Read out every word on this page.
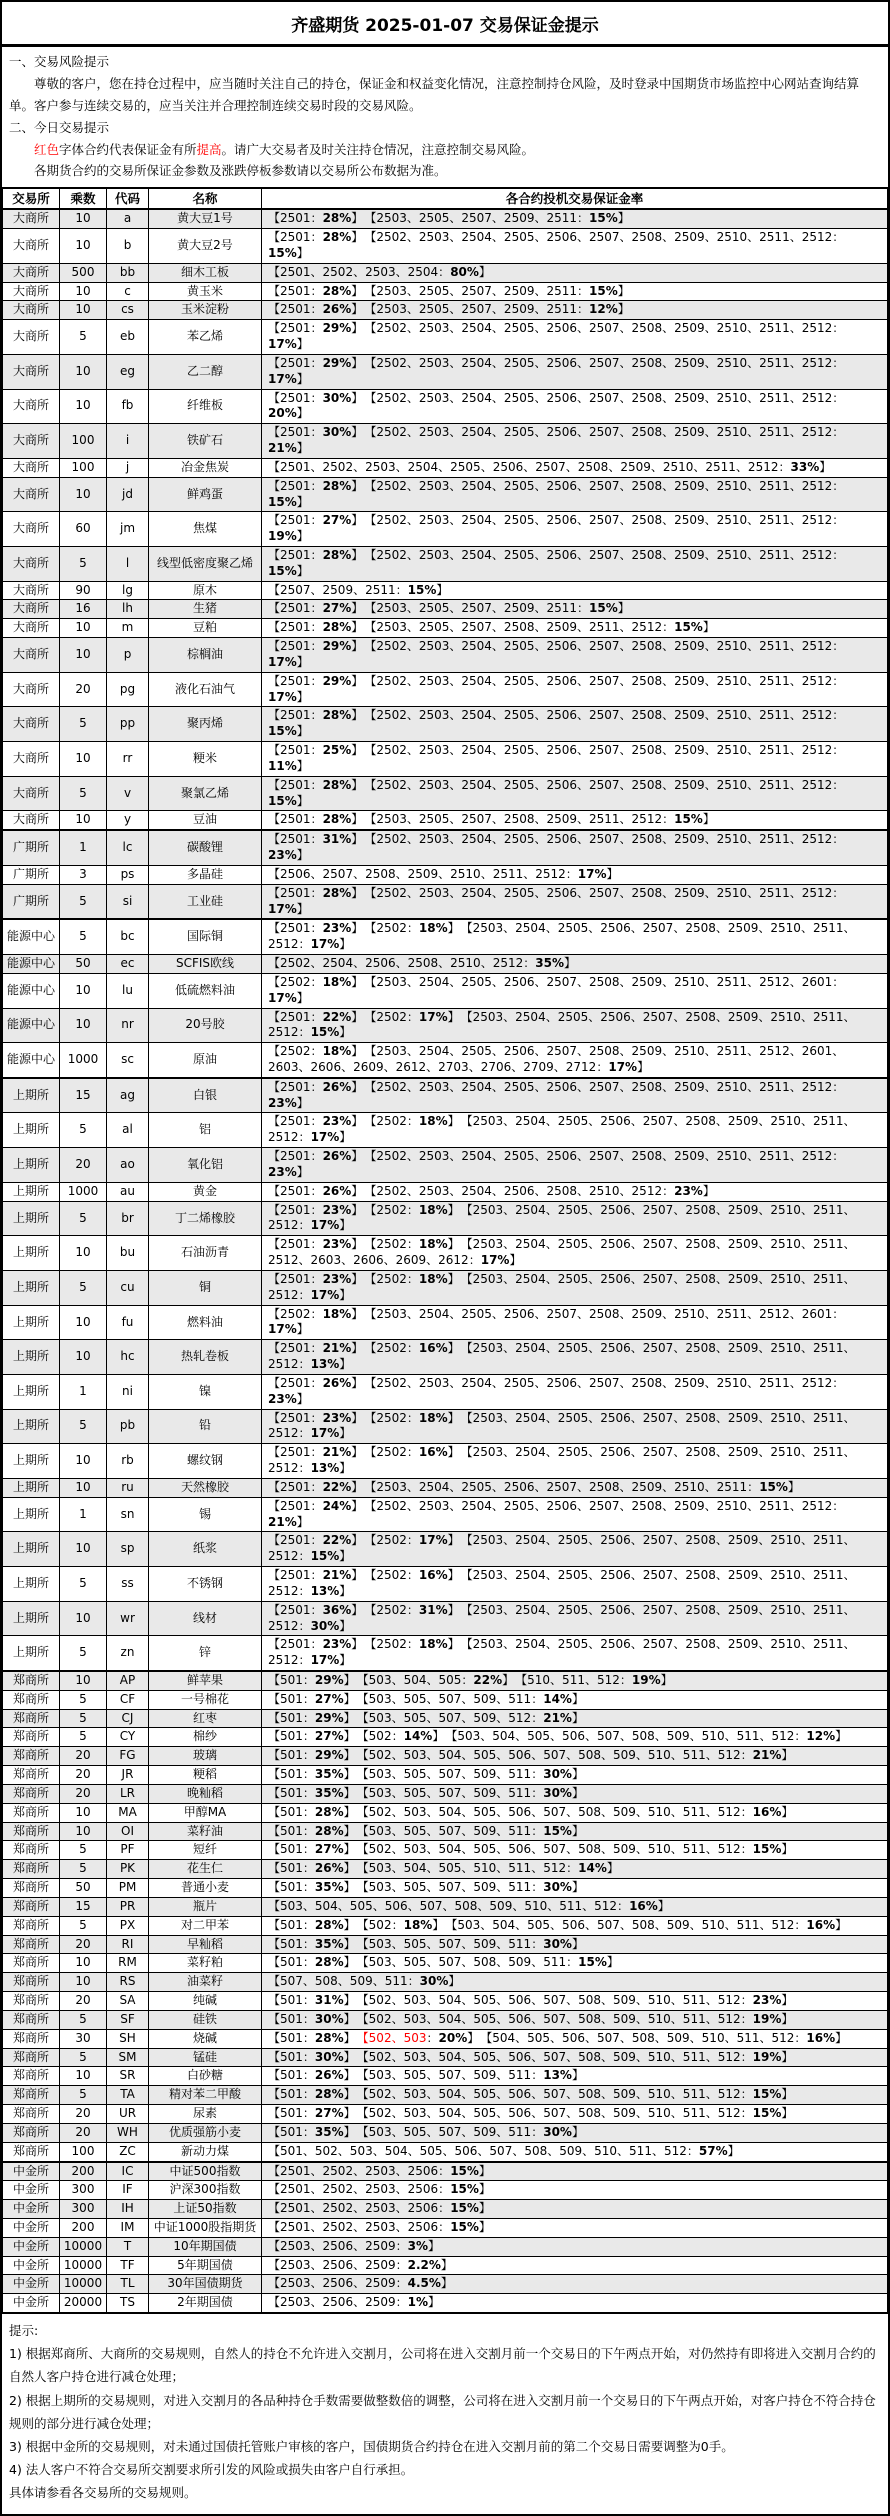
齐盛期货 2025-01-07 交易保证金提示

一、交易风险提示

尊敬的客户，您在持仓过程中，应当随时关注自己的持仓，保证金和权益变化情况，注意控制持仓风险，及时登录中国期货市场监控中心网站查询结算单。客户参与连续交易的，应当关注并合理控制连续交易时段的交易风险。

二、今日交易提示

红色字体合约代表保证金有所提高。请广大交易者及时关注持仓情况，注意控制交易风险。

各期货合约的交易所保证金参数及涨跌停板参数请以交易所公布数据为准。

交易所	乘数	代码	名称	各合约投机交易保证金率
大商所	10	a	黄大豆1号	【2501：28%】 【2503、2505、2507、2509、2511：15%】
大商所	10	b	黄大豆2号	【2501：28%】 【2502、2503、2504、2505、2506、2507、2508、2509、2510、2511、2512：15%】
大商所	500	bb	细木工板	【2501、2502、2503、2504：80%】
大商所	10	c	黄玉米	【2501：28%】 【2503、2505、2507、2509、2511：15%】
大商所	10	cs	玉米淀粉	【2501：26%】 【2503、2505、2507、2509、2511：12%】
大商所	5	eb	苯乙烯	【2501：29%】 【2502、2503、2504、2505、2506、2507、2508、2509、2510、2511、2512：17%】
大商所	10	eg	乙二醇	【2501：29%】 【2502、2503、2504、2505、2506、2507、2508、2509、2510、2511、2512：17%】
大商所	10	fb	纤维板	【2501：30%】 【2502、2503、2504、2505、2506、2507、2508、2509、2510、2511、2512：20%】
大商所	100	i	铁矿石	【2501：30%】 【2502、2503、2504、2505、2506、2507、2508、2509、2510、2511、2512：21%】
大商所	100	j	冶金焦炭	【2501、2502、2503、2504、2505、2506、2507、2508、2509、2510、2511、2512：33%】
大商所	10	jd	鲜鸡蛋	【2501：28%】 【2502、2503、2504、2505、2506、2507、2508、2509、2510、2511、2512：15%】
大商所	60	jm	焦煤	【2501：27%】 【2502、2503、2504、2505、2506、2507、2508、2509、2510、2511、2512：19%】
大商所	5	l	线型低密度聚乙烯	【2501：28%】 【2502、2503、2504、2505、2506、2507、2508、2509、2510、2511、2512：15%】
大商所	90	lg	原木	【2507、2509、2511：15%】
大商所	16	lh	生猪	【2501：27%】 【2503、2505、2507、2509、2511：15%】
大商所	10	m	豆粕	【2501：28%】 【2503、2505、2507、2508、2509、2511、2512：15%】
大商所	10	p	棕榈油	【2501：29%】 【2502、2503、2504、2505、2506、2507、2508、2509、2510、2511、2512：17%】
大商所	20	pg	液化石油气	【2501：29%】 【2502、2503、2504、2505、2506、2507、2508、2509、2510、2511、2512：17%】
大商所	5	pp	聚丙烯	【2501：28%】 【2502、2503、2504、2505、2506、2507、2508、2509、2510、2511、2512：15%】
大商所	10	rr	粳米	【2501：25%】 【2502、2503、2504、2505、2506、2507、2508、2509、2510、2511、2512：11%】
大商所	5	v	聚氯乙烯	【2501：28%】 【2502、2503、2504、2505、2506、2507、2508、2509、2510、2511、2512：15%】
大商所	10	y	豆油	【2501：28%】 【2503、2505、2507、2508、2509、2511、2512：15%】
广期所	1	lc	碳酸锂	【2501：31%】 【2502、2503、2504、2505、2506、2507、2508、2509、2510、2511、2512：23%】
广期所	3	ps	多晶硅	【2506、2507、2508、2509、2510、2511、2512：17%】
广期所	5	si	工业硅	【2501：28%】 【2502、2503、2504、2505、2506、2507、2508、2509、2510、2511、2512：17%】
能源中心	5	bc	国际铜	【2501：23%】 【2502：18%】 【2503、2504、2505、2506、2507、2508、2509、2510、2511、2512：17%】
能源中心	50	ec	SCFIS欧线	【2502、2504、2506、2508、2510、2512：35%】
能源中心	10	lu	低硫燃料油	【2502：18%】 【2503、2504、2505、2506、2507、2508、2509、2510、2511、2512、2601：17%】
能源中心	10	nr	20号胶	【2501：22%】 【2502：17%】 【2503、2504、2505、2506、2507、2508、2509、2510、2511、2512：15%】
能源中心	1000	sc	原油	【2502：18%】 【2503、2504、2505、2506、2507、2508、2509、2510、2511、2512、2601、2603、2606、2609、2612、2703、2706、2709、2712：17%】
上期所	15	ag	白银	【2501：26%】 【2502、2503、2504、2505、2506、2507、2508、2509、2510、2511、2512：23%】
上期所	5	al	铝	【2501：23%】 【2502：18%】 【2503、2504、2505、2506、2507、2508、2509、2510、2511、2512：17%】
上期所	20	ao	氧化铝	【2501：26%】 【2502、2503、2504、2505、2506、2507、2508、2509、2510、2511、2512：23%】
上期所	1000	au	黄金	【2501：26%】 【2502、2503、2504、2506、2508、2510、2512：23%】
上期所	5	br	丁二烯橡胶	【2501：23%】 【2502：18%】 【2503、2504、2505、2506、2507、2508、2509、2510、2511、2512：17%】
上期所	10	bu	石油沥青	【2501：23%】 【2502：18%】 【2503、2504、2505、2506、2507、2508、2509、2510、2511、2512、2603、2606、2609、2612：17%】
上期所	5	cu	铜	【2501：23%】 【2502：18%】 【2503、2504、2505、2506、2507、2508、2509、2510、2511、2512：17%】
上期所	10	fu	燃料油	【2502：18%】 【2503、2504、2505、2506、2507、2508、2509、2510、2511、2512、2601：17%】
上期所	10	hc	热轧卷板	【2501：21%】 【2502：16%】 【2503、2504、2505、2506、2507、2508、2509、2510、2511、2512：13%】
上期所	1	ni	镍	【2501：26%】 【2502、2503、2504、2505、2506、2507、2508、2509、2510、2511、2512：23%】
上期所	5	pb	铅	【2501：23%】 【2502：18%】 【2503、2504、2505、2506、2507、2508、2509、2510、2511、2512：17%】
上期所	10	rb	螺纹钢	【2501：21%】 【2502：16%】 【2503、2504、2505、2506、2507、2508、2509、2510、2511、2512：13%】
上期所	10	ru	天然橡胶	【2501：22%】 【2503、2504、2505、2506、2507、2508、2509、2510、2511：15%】
上期所	1	sn	锡	【2501：24%】 【2502、2503、2504、2505、2506、2507、2508、2509、2510、2511、2512：21%】
上期所	10	sp	纸浆	【2501：22%】 【2502：17%】 【2503、2504、2505、2506、2507、2508、2509、2510、2511、2512：15%】
上期所	5	ss	不锈钢	【2501：21%】 【2502：16%】 【2503、2504、2505、2506、2507、2508、2509、2510、2511、2512：13%】
上期所	10	wr	线材	【2501：36%】 【2502：31%】 【2503、2504、2505、2506、2507、2508、2509、2510、2511、2512：30%】
上期所	5	zn	锌	【2501：23%】 【2502：18%】 【2503、2504、2505、2506、2507、2508、2509、2510、2511、2512：17%】
郑商所	10	AP	鲜苹果	【501：29%】 【503、504、505：22%】 【510、511、512：19%】
郑商所	5	CF	一号棉花	【501：27%】 【503、505、507、509、511：14%】
郑商所	5	CJ	红枣	【501：29%】 【503、505、507、509、512：21%】
郑商所	5	CY	棉纱	【501：27%】 【502：14%】 【503、504、505、506、507、508、509、510、511、512：12%】
郑商所	20	FG	玻璃	【501：29%】 【502、503、504、505、506、507、508、509、510、511、512：21%】
郑商所	20	JR	粳稻	【501：35%】 【503、505、507、509、511：30%】
郑商所	20	LR	晚籼稻	【501：35%】 【503、505、507、509、511：30%】
郑商所	10	MA	甲醇MA	【501：28%】 【502、503、504、505、506、507、508、509、510、511、512：16%】
郑商所	10	OI	菜籽油	【501：28%】 【503、505、507、509、511：15%】
郑商所	5	PF	短纤	【501：27%】 【502、503、504、505、506、507、508、509、510、511、512：15%】
郑商所	5	PK	花生仁	【501：26%】 【503、504、505、510、511、512：14%】
郑商所	50	PM	普通小麦	【501：35%】 【503、505、507、509、511：30%】
郑商所	15	PR	瓶片	【503、504、505、506、507、508、509、510、511、512：16%】
郑商所	5	PX	对二甲苯	【501：28%】 【502：18%】 【503、504、505、506、507、508、509、510、511、512：16%】
郑商所	20	RI	早籼稻	【501：35%】 【503、505、507、509、511：30%】
郑商所	10	RM	菜籽粕	【501：28%】 【503、505、507、508、509、511：15%】
郑商所	10	RS	油菜籽	【507、508、509、511：30%】
郑商所	20	SA	纯碱	【501：31%】 【502、503、504、505、506、507、508、509、510、511、512：23%】
郑商所	5	SF	硅铁	【501：30%】 【502、503、504、505、506、507、508、509、510、511、512：19%】
郑商所	30	SH	烧碱	【501：28%】 【502、503：20%】 【504、505、506、507、508、509、510、511、512：16%】
郑商所	5	SM	锰硅	【501：30%】 【502、503、504、505、506、507、508、509、510、511、512：19%】
郑商所	10	SR	白砂糖	【501：26%】 【503、505、507、509、511：13%】
郑商所	5	TA	精对苯二甲酸	【501：28%】 【502、503、504、505、506、507、508、509、510、511、512：15%】
郑商所	20	UR	尿素	【501：27%】 【502、503、504、505、506、507、508、509、510、511、512：15%】
郑商所	20	WH	优质强筋小麦	【501：35%】 【503、505、507、509、511：30%】
郑商所	100	ZC	新动力煤	【501、502、503、504、505、506、507、508、509、510、511、512：57%】
中金所	200	IC	中证500指数	【2501、2502、2503、2506：15%】
中金所	300	IF	沪深300指数	【2501、2502、2503、2506：15%】
中金所	300	IH	上证50指数	【2501、2502、2503、2506：15%】
中金所	200	IM	中证1000股指期货	【2501、2502、2503、2506：15%】
中金所	10000	T	10年期国债	【2503、2506、2509：3%】
中金所	10000	TF	5年期国债	【2503、2506、2509：2.2%】
中金所	10000	TL	30年国债期货	【2503、2506、2509：4.5%】
中金所	20000	TS	2年期国债	【2503、2506、2509：1%】

提示:

1) 根据郑商所、大商所的交易规则，自然人的持仓不允许进入交割月，公司将在进入交割月前一个交易日的下午两点开始，对仍然持有即将进入交割月合约的自然人客户持仓进行减仓处理；

2) 根据上期所的交易规则，对进入交割月的各品种持仓手数需要做整数倍的调整，公司将在进入交割月前一个交易日的下午两点开始，对客户持仓不符合持仓规则的部分进行减仓处理；

3) 根据中金所的交易规则，对未通过国债托管账户审核的客户，国债期货合约持仓在进入交割月前的第二个交易日需要调整为0手。

4) 法人客户不符合交易所交割要求所引发的风险或损失由客户自行承担。

具体请参看各交易所的交易规则。
